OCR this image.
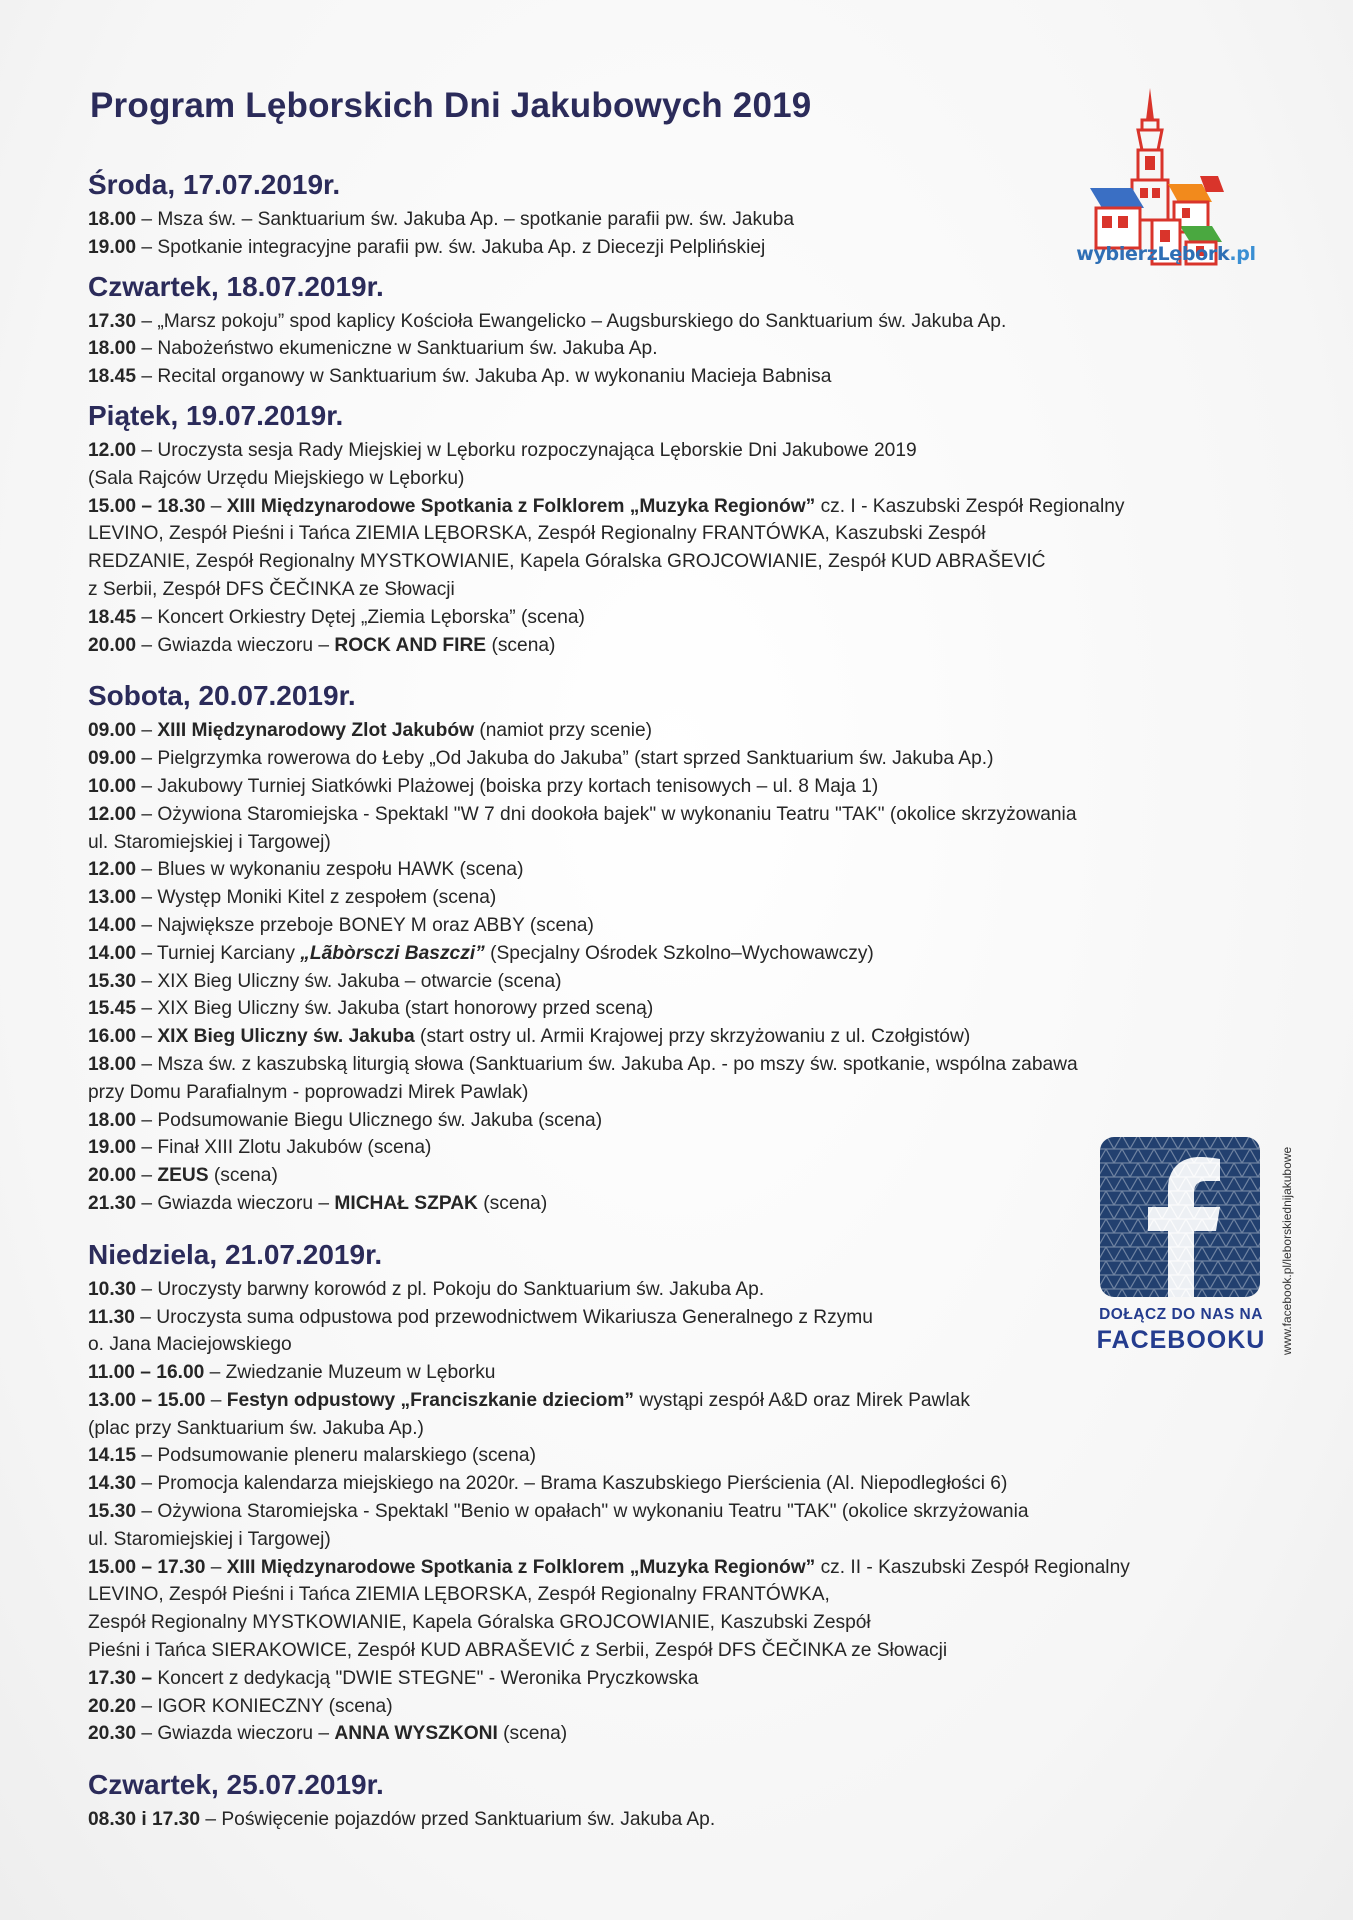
Program Lęborskich Dni Jakubowych 2019
wybierzLębork.pl
Środa, 17.07.2019r.
18.00 – Msza św. – Sanktuarium św. Jakuba Ap. – spotkanie parafii pw. św. Jakuba
19.00 – Spotkanie integracyjne parafii pw. św. Jakuba Ap. z Diecezji Pelplińskiej
Czwartek, 18.07.2019r.
17.30 – „Marsz pokoju” spod kaplicy Kościoła Ewangelicko – Augsburskiego do Sanktuarium św. Jakuba Ap.
18.00 – Nabożeństwo ekumeniczne w Sanktuarium św. Jakuba Ap.
18.45 – Recital organowy w Sanktuarium św. Jakuba Ap. w wykonaniu Macieja Babnisa
Piątek, 19.07.2019r.
12.00 – Uroczysta sesja Rady Miejskiej w Lęborku rozpoczynająca Lęborskie Dni Jakubowe 2019
(Sala Rajców Urzędu Miejskiego w Lęborku)
15.00 – 18.30 – XIII Międzynarodowe Spotkania z Folklorem „Muzyka Regionów” cz. I - Kaszubski Zespół Regionalny
LEVINO, Zespół Pieśni i Tańca ZIEMIA LĘBORSKA, Zespół Regionalny FRANTÓWKA, Kaszubski Zespół
REDZANIE, Zespół Regionalny MYSTKOWIANIE, Kapela Góralska GROJCOWIANIE, Zespół KUD ABRAŠEVIĆ
z Serbii, Zespół DFS ČEČINKA ze Słowacji
18.45 – Koncert Orkiestry Dętej „Ziemia Lęborska” (scena)
20.00 – Gwiazda wieczoru – ROCK AND FIRE (scena)
Sobota, 20.07.2019r.
09.00 – XIII Międzynarodowy Zlot Jakubów (namiot przy scenie)
09.00 – Pielgrzymka rowerowa do Łeby „Od Jakuba do Jakuba” (start sprzed Sanktuarium św. Jakuba Ap.)
10.00 – Jakubowy Turniej Siatkówki Plażowej (boiska przy kortach tenisowych – ul. 8 Maja 1)
12.00 – Ożywiona Staromiejska - Spektakl "W 7 dni dookoła bajek" w wykonaniu Teatru "TAK" (okolice skrzyżowania
ul. Staromiejskiej i Targowej)
12.00 – Blues w wykonaniu zespołu HAWK (scena)
13.00 – Występ Moniki Kitel z zespołem (scena)
14.00 – Największe przeboje BONEY M oraz ABBY (scena)
14.00 – Turniej Karciany „Lãbòrsczi Baszczi” (Specjalny Ośrodek Szkolno–Wychowawczy)
15.30 – XIX Bieg Uliczny św. Jakuba – otwarcie (scena)
15.45 – XIX Bieg Uliczny św. Jakuba (start honorowy przed sceną)
16.00 – XIX Bieg Uliczny św. Jakuba (start ostry ul. Armii Krajowej przy skrzyżowaniu z ul. Czołgistów)
18.00 – Msza św. z kaszubską liturgią słowa (Sanktuarium św. Jakuba Ap. - po mszy św. spotkanie, wspólna zabawa
przy Domu Parafialnym - poprowadzi Mirek Pawlak)
18.00 – Podsumowanie Biegu Ulicznego św. Jakuba (scena)
19.00 – Finał XIII Zlotu Jakubów (scena)
20.00 – ZEUS (scena)
21.30 – Gwiazda wieczoru – MICHAŁ SZPAK (scena)
Niedziela, 21.07.2019r.
10.30 – Uroczysty barwny korowód z pl. Pokoju do Sanktuarium św. Jakuba Ap.
11.30 – Uroczysta suma odpustowa pod przewodnictwem Wikariusza Generalnego z Rzymu
o. Jana Maciejowskiego
11.00 – 16.00 – Zwiedzanie Muzeum w Lęborku
13.00 – 15.00 – Festyn odpustowy „Franciszkanie dzieciom” wystąpi zespół A&D oraz Mirek Pawlak
(plac przy Sanktuarium św. Jakuba Ap.)
14.15 – Podsumowanie pleneru malarskiego (scena)
14.30 – Promocja kalendarza miejskiego na 2020r. – Brama Kaszubskiego Pierścienia (Al. Niepodległości 6)
15.30 – Ożywiona Staromiejska - Spektakl "Benio w opałach" w wykonaniu Teatru "TAK" (okolice skrzyżowania
ul. Staromiejskiej i Targowej)
15.00 – 17.30 – XIII Międzynarodowe Spotkania z Folklorem „Muzyka Regionów” cz. II - Kaszubski Zespół Regionalny
LEVINO, Zespół Pieśni i Tańca ZIEMIA LĘBORSKA, Zespół Regionalny FRANTÓWKA,
Zespół Regionalny MYSTKOWIANIE, Kapela Góralska GROJCOWIANIE, Kaszubski Zespół
Pieśni i Tańca SIERAKOWICE, Zespół KUD ABRAŠEVIĆ z Serbii, Zespół DFS ČEČINKA ze Słowacji
17.30 – Koncert z dedykacją "DWIE STEGNE" - Weronika Pryczkowska
20.20 – IGOR KONIECZNY (scena)
20.30 – Gwiazda wieczoru – ANNA WYSZKONI (scena)
Czwartek, 25.07.2019r.
08.30 i 17.30 – Poświęcenie pojazdów przed Sanktuarium św. Jakuba Ap.
DOŁĄCZ DO NAS NA
FACEBOOKU	www.facebook.pl/leborskiednijakubowe
